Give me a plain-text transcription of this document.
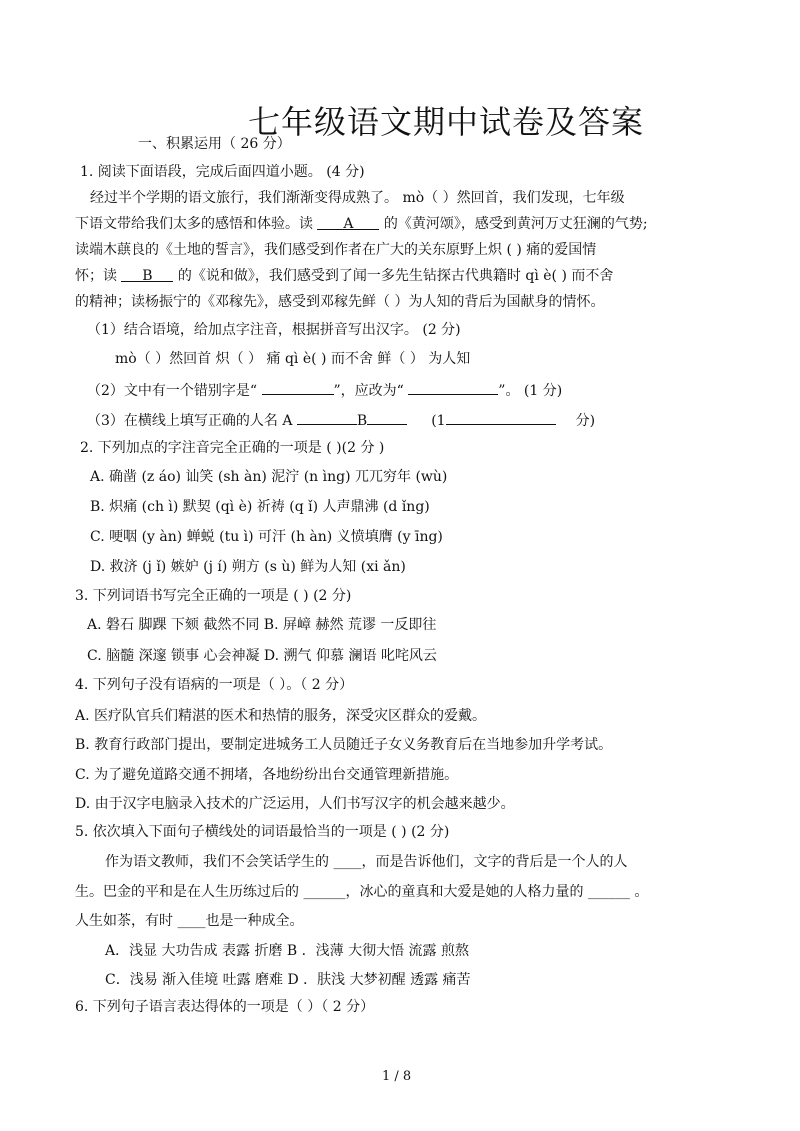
七年级语文期中试卷及答案
一、积累运用（ 26 分）
1. 阅读下面语段，完成后面四道小题。 (4 分)
经过半个学期的语文旅行，我们渐渐变得成熟了。 mò（ ）然回首，我们发现，七年级
下语文带给我们太多的感悟和体验。读 A 的《黄河颂》，感受到黄河万丈狂澜的气势;
读端木蕻良的《土地的誓言》，我们感受到作者在广大的关东原野上炽 ( ) 痛的爱国情
怀；读 B 的《说和做》，我们感受到了闻一多先生钻探古代典籍时 qì è( ) 而不舍
的精神；读杨振宁的《邓稼先》，感受到邓稼先鲜（ ）为人知的背后为国献身的情怀。
（1）结合语境，给加点字注音，根据拼音写出汉字。 (2 分)
mò（ ）然回首 炽（ ） 痛 qì è( ) 而不舍 鲜（ ） 为人知
（2）文中有一个错别字是“	”，应改为“	”。 (1 分)
（3）在横线上填写正确的人名 A	B	(1	分)
2. 下列加点的字注音完全正确的一项是 ( )(2 分 )
A. 确凿 (z áo) 讪笑 (sh àn) 泥泞 (n ìng) 兀兀穷年 (wù)
B. 炽痛 (ch ì) 默契 (qì è) 祈祷 (q ǐ) 人声鼎沸 (d ǐng)
C. 哽咽 (y àn) 蝉蜕 (tu ì) 可汗 (h àn) 义愤填膺 (y īng)
D. 救济 (j ǐ) 嫉妒 (j í) 朔方 (s ù) 鲜为人知 (xi ǎn)
3. 下列词语书写完全正确的一项是 ( ) (2 分)
A. 磐石 脚踝 下颏 截然不同 B. 屏嶂 赫然 荒谬 一反即往
C. 脑髓 深邃 锁事 心会神凝 D. 溯气 仰慕 澜语 叱咤风云
4. 下列句子没有语病的一项是（ ）。（ 2 分）
A. 医疗队官兵们精湛的医术和热情的服务，深受灾区群众的爱戴。
B. 教育行政部门提出，要制定进城务工人员随迁子女义务教育后在当地参加升学考试。
C. 为了避免道路交通不拥堵，各地纷纷出台交通管理新措施。
D. 由于汉字电脑录入技术的广泛运用，人们书写汉字的机会越来越少。
5. 依次填入下面句子横线处的词语最恰当的一项是 ( ) (2 分)
作为语文教师，我们不会笑话学生的 ____，而是告诉他们，文字的背后是一个人的人
生。巴金的平和是在人生历练过后的 ______，冰心的童真和大爱是她的人格力量的 ______ 。
人生如茶，有时 ____也是一种成全。
A．浅显 大功告成 表露 折磨 B ．浅薄 大彻大悟 流露 煎熬
C．浅易 渐入佳境 吐露 磨难 D ．肤浅 大梦初醒 透露 痛苦
6. 下列句子语言表达得体的一项是（ ）（ 2 分）
1 / 8
